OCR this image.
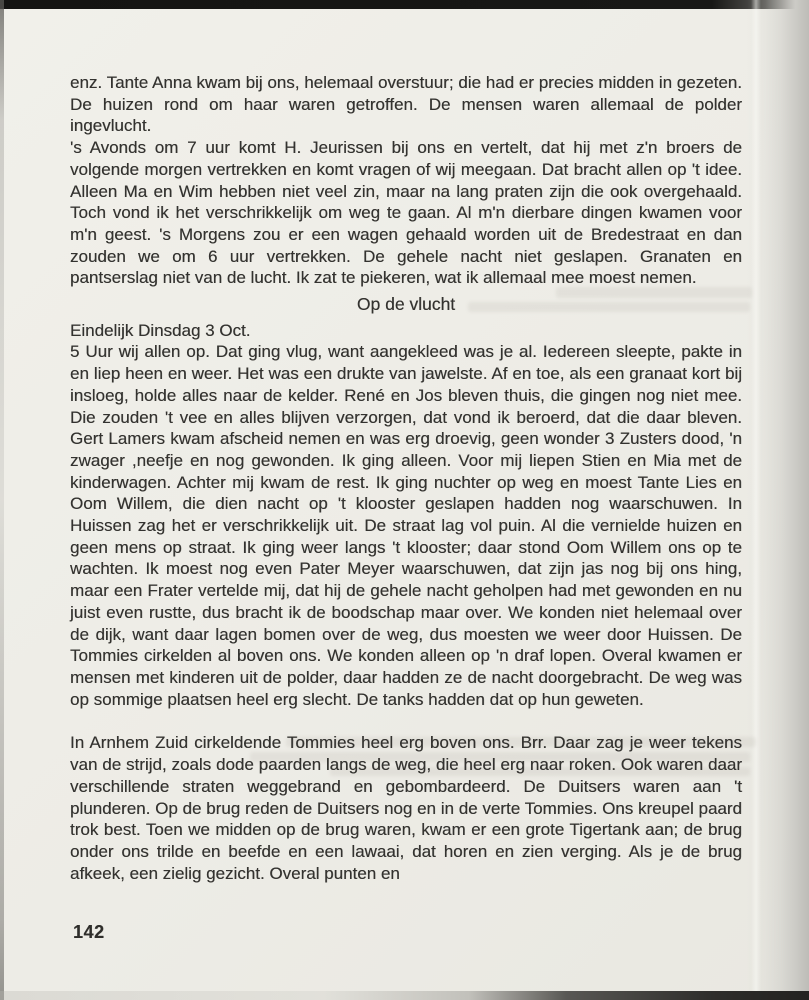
enz. Tante Anna kwam bij ons, helemaal overstuur; die had er precies midden in gezeten. De huizen rond om haar waren getroffen. De mensen waren allemaal de polder ingevlucht.

's Avonds om 7 uur komt H. Jeurissen bij ons en vertelt, dat hij met z'n broers de volgende morgen vertrekken en komt vragen of wij meegaan. Dat bracht allen op 't idee. Alleen Ma en Wim hebben niet veel zin, maar na lang praten zijn die ook overgehaald. Toch vond ik het verschrikkelijk om weg te gaan. Al m'n dierbare dingen kwamen voor m'n geest. 's Morgens zou er een wagen gehaald worden uit de Bredestraat en dan zouden we om 6 uur vertrekken. De gehele nacht niet geslapen. Granaten en pantserslag niet van de lucht. Ik zat te piekeren, wat ik allemaal mee moest nemen.

Op de vlucht

Eindelijk Dinsdag 3 Oct.

5 Uur wij allen op. Dat ging vlug, want aangekleed was je al. Iedereen sleepte, pakte in en liep heen en weer. Het was een drukte van jawelste. Af en toe, als een granaat kort bij insloeg, holde alles naar de kelder. René en Jos bleven thuis, die gingen nog niet mee. Die zouden 't vee en alles blijven verzorgen, dat vond ik beroerd, dat die daar bleven. Gert Lamers kwam afscheid nemen en was erg droevig, geen wonder 3 Zusters dood, 'n zwager ,neefje en nog gewonden. Ik ging alleen. Voor mij liepen Stien en Mia met de kinderwagen. Achter mij kwam de rest. Ik ging nuchter op weg en moest Tante Lies en Oom Willem, die dien nacht op 't klooster geslapen hadden nog waarschuwen. In Huissen zag het er verschrikkelijk uit. De straat lag vol puin. Al die vernielde huizen en geen mens op straat. Ik ging weer langs 't klooster; daar stond Oom Willem ons op te wachten. Ik moest nog even Pater Meyer waarschuwen, dat zijn jas nog bij ons hing, maar een Frater vertelde mij, dat hij de gehele nacht geholpen had met gewonden en nu juist even rustte, dus bracht ik de boodschap maar over. We konden niet helemaal over de dijk, want daar lagen bomen over de weg, dus moesten we weer door Huissen. De Tommies cirkelden al boven ons. We konden alleen op 'n draf lopen. Overal kwamen er mensen met kinderen uit de polder, daar hadden ze de nacht doorgebracht. De weg was op sommige plaatsen heel erg slecht. De tanks hadden dat op hun geweten.

In Arnhem Zuid cirkeldende Tommies heel erg boven ons. Brr. Daar zag je weer tekens van de strijd, zoals dode paarden langs de weg, die heel erg naar roken. Ook waren daar verschillende straten weggebrand en gebombardeerd. De Duitsers waren aan 't plunderen. Op de brug reden de Duitsers nog en in de verte Tommies. Ons kreupel paard trok best. Toen we midden op de brug waren, kwam er een grote Tigertank aan; de brug onder ons trilde en beefde en een lawaai, dat horen en zien verging. Als je de brug afkeek, een zielig gezicht. Overal punten en

142
